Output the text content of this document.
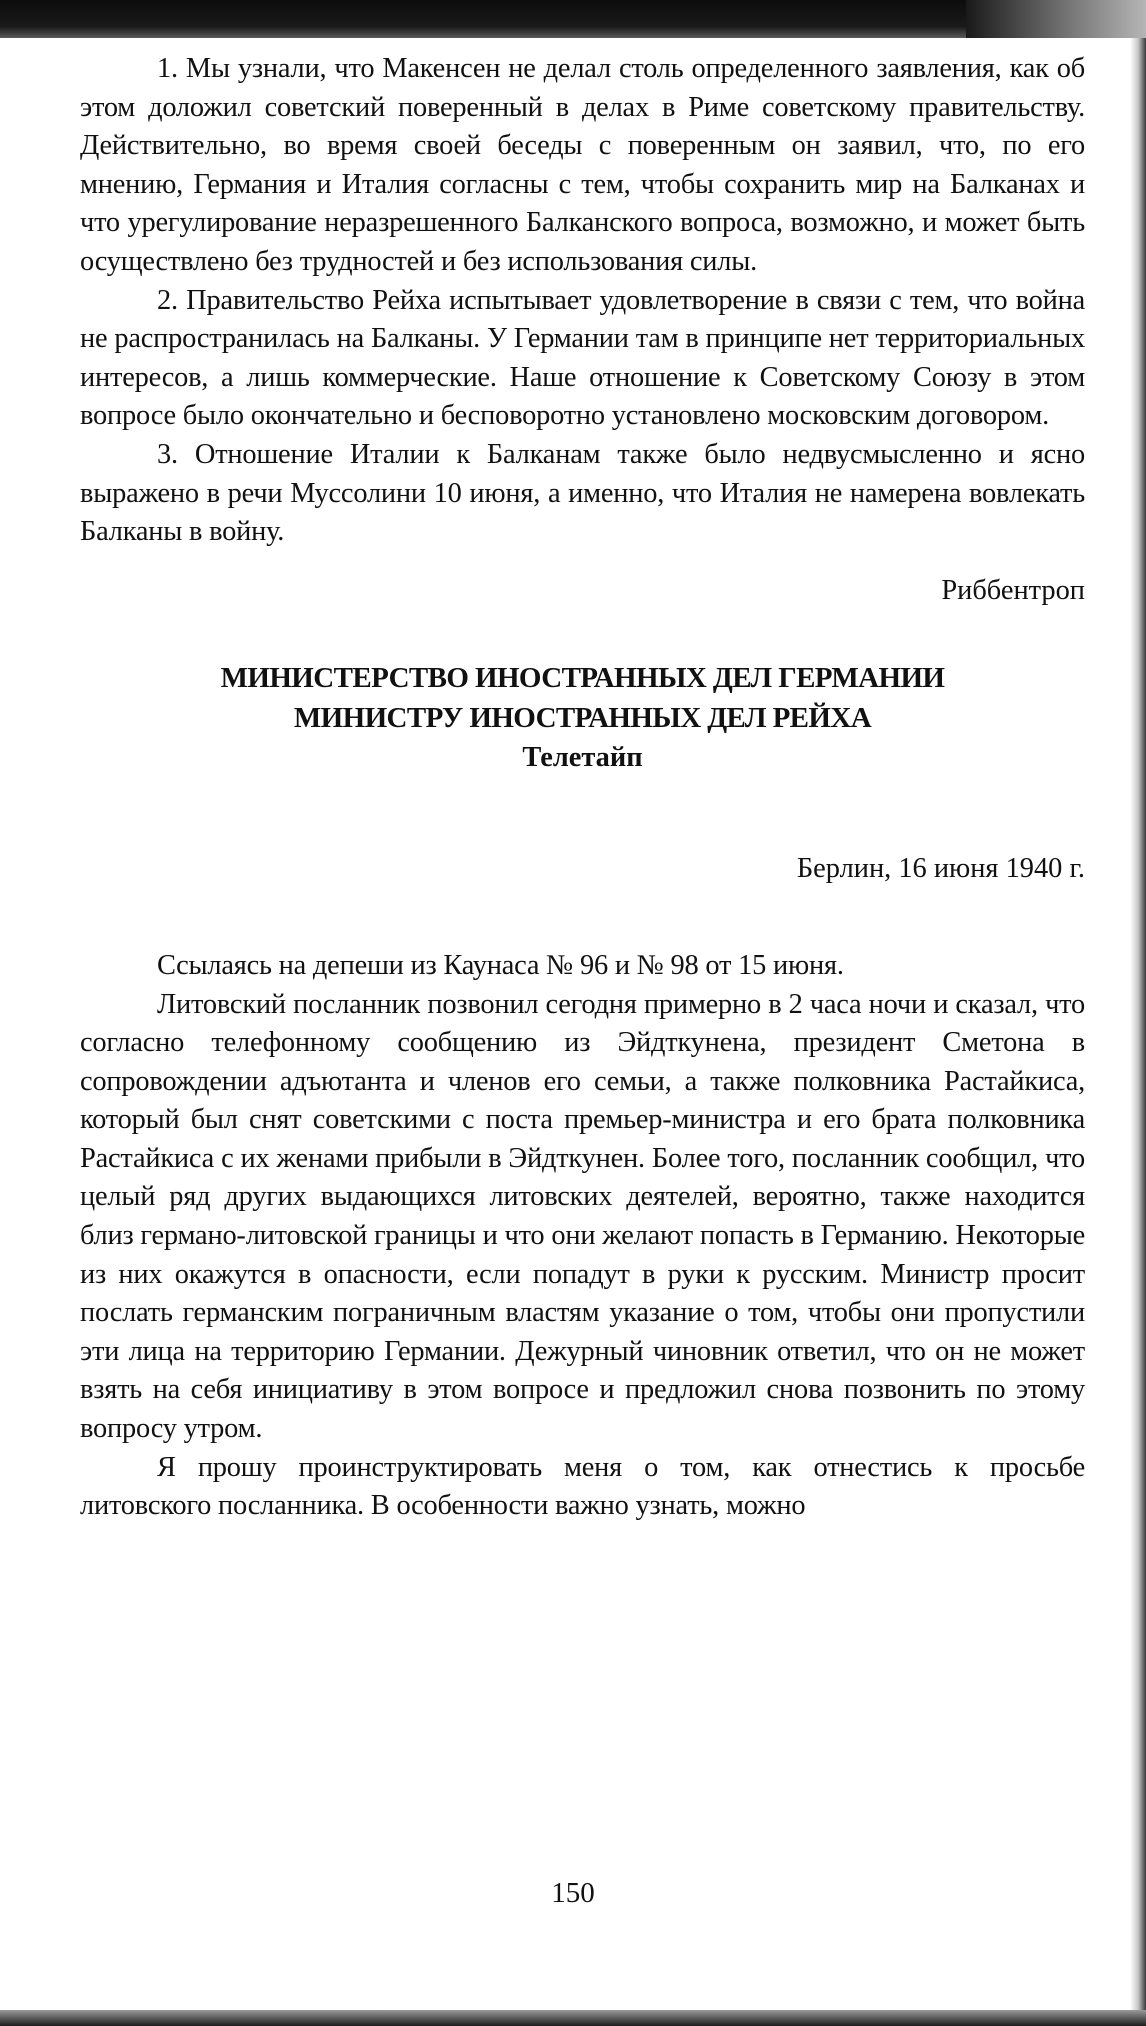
1. Мы узнали, что Макенсен не делал столь определенного заявления, как об этом доложил советский поверенный в делах в Риме советскому правительству. Действительно, во время своей беседы с поверенным он заявил, что, по его мнению, Германия и Италия согласны с тем, чтобы сохранить мир на Балканах и что урегулирование неразрешенного Балканского вопроса, возможно, и может быть осуществлено без трудностей и без использования силы.

2. Правительство Рейха испытывает удовлетворение в связи с тем, что война не распространилась на Балканы. У Германии там в принципе нет территориальных интересов, а лишь коммерческие. Наше отношение к Советскому Союзу в этом вопросе было окончательно и бесповоротно установлено московским договором.

3. Отношение Италии к Балканам также было недвусмысленно и ясно выражено в речи Муссолини 10 июня, а именно, что Италия не намерена вовлекать Балканы в войну.

Риббентроп

МИНИСТЕРСТВО ИНОСТРАННЫХ ДЕЛ ГЕРМАНИИ
МИНИСТРУ ИНОСТРАННЫХ ДЕЛ РЕЙХА

Телетайп

Берлин, 16 июня 1940 г.

Ссылаясь на депеши из Каунаса № 96 и № 98 от 15 июня.

Литовский посланник позвонил сегодня примерно в 2 часа ночи и сказал, что согласно телефонному сообщению из Эйдткунена, президент Сметона в сопровождении адъютанта и членов его семьи, а также полковника Растайкиса, который был снят советскими с поста премьер-министра и его брата полковника Растайкиса с их женами прибыли в Эйдткунен. Более того, посланник сообщил, что целый ряд других выдающихся литовских деятелей, вероятно, также находится близ германо-литовской границы и что они желают попасть в Германию. Некоторые из них окажутся в опасности, если попадут в руки к русским. Министр просит послать германским пограничным властям указание о том, чтобы они пропустили эти лица на территорию Германии. Дежурный чиновник ответил, что он не может взять на себя инициативу в этом вопросе и предложил снова позвонить по этому вопросу утром.

Я прошу проинструктировать меня о том, как отнестись к просьбе литовского посланника. В особенности важно узнать, можно

150
